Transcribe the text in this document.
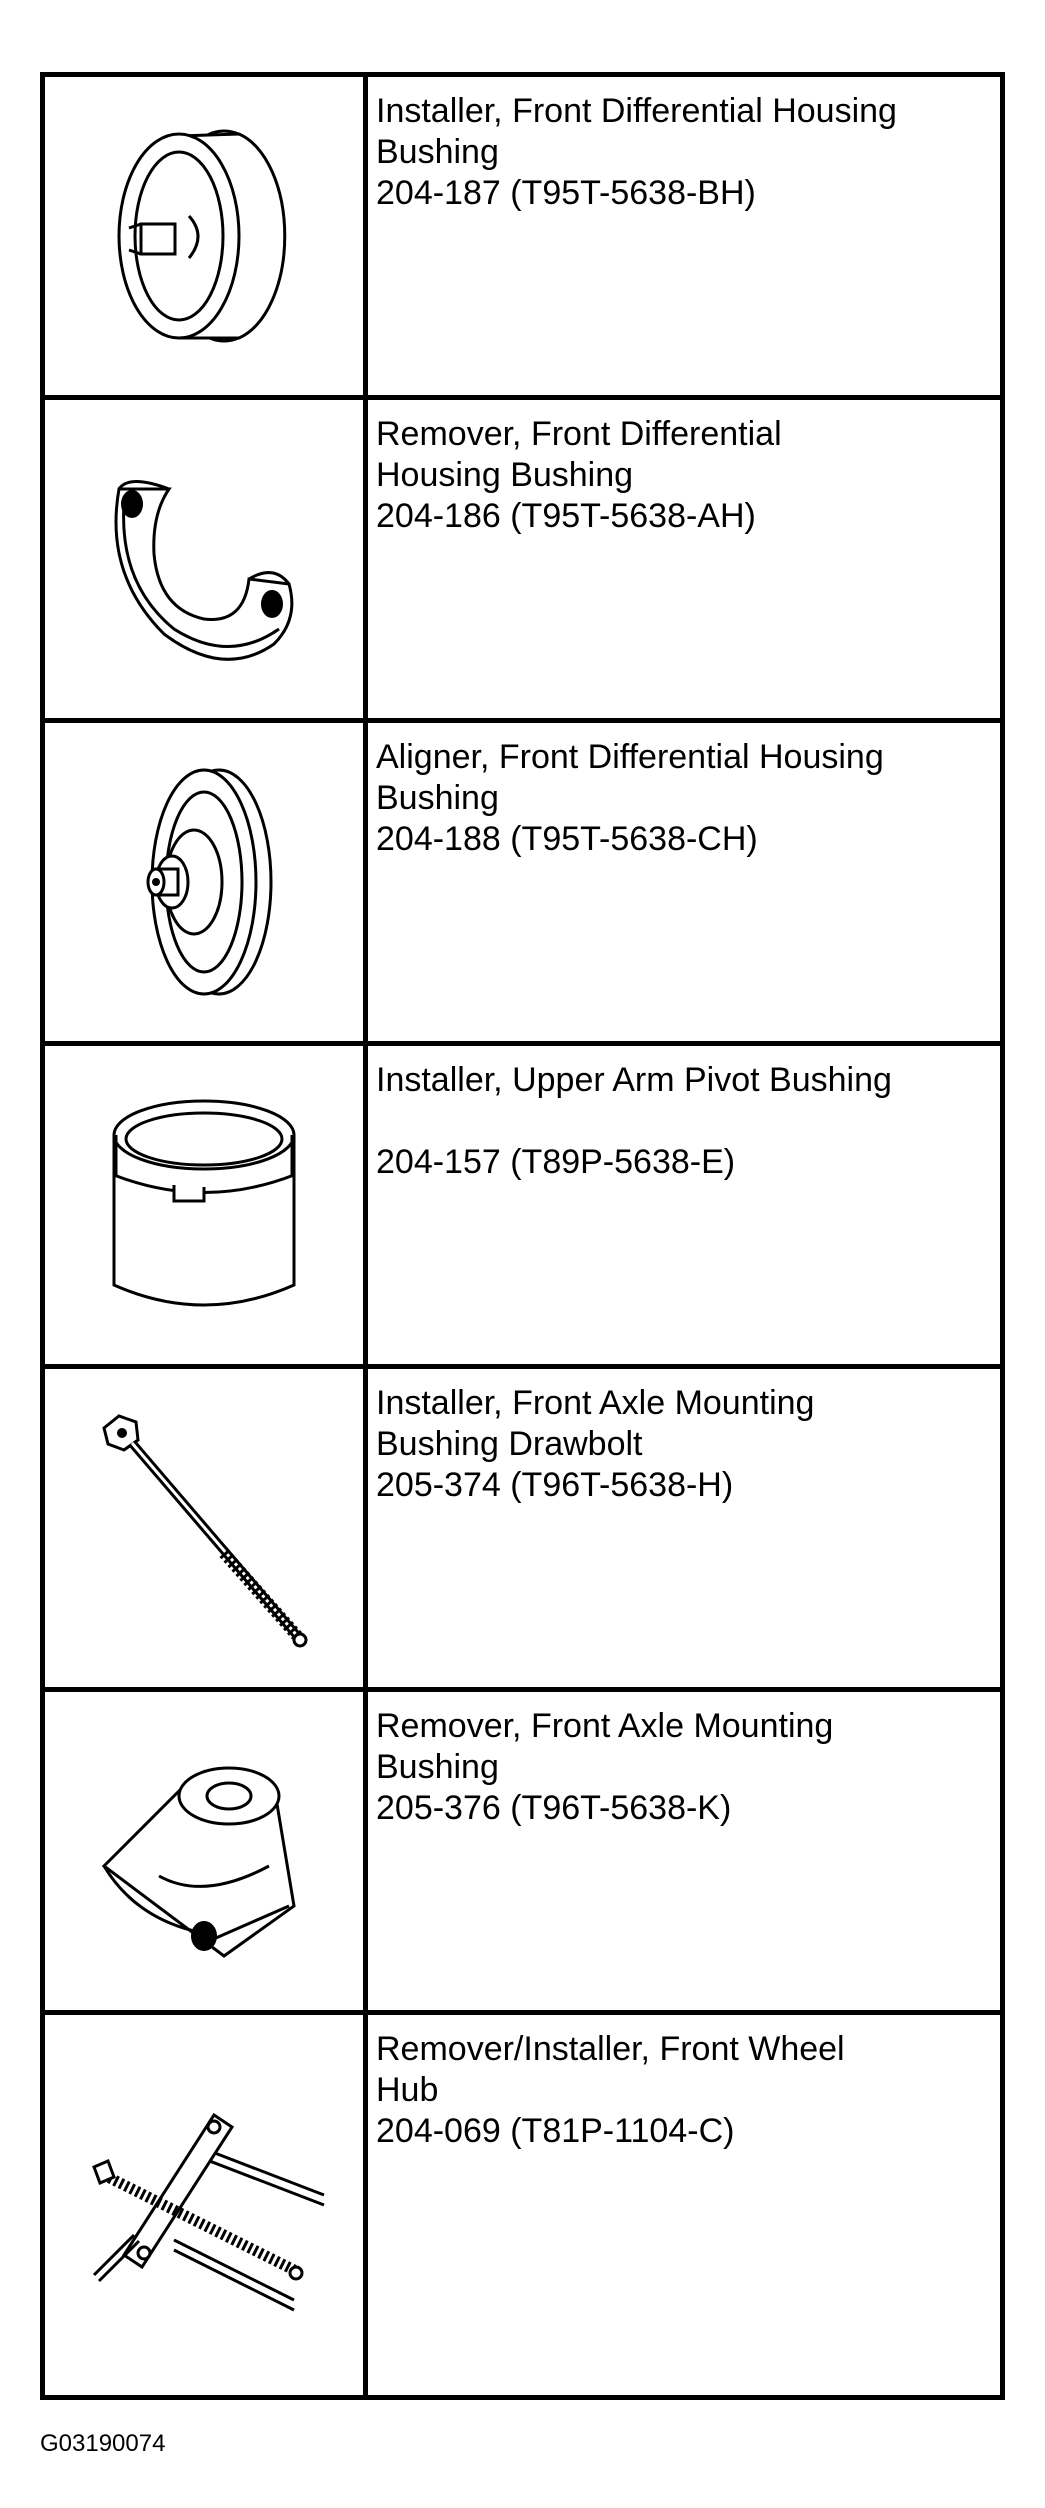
Installer, Front Differential Housing
Bushing
204-187 (T95T-5638-BH)

Remover, Front Differential
Housing Bushing
204-186 (T95T-5638-AH)

Aligner, Front Differential Housing
Bushing
204-188 (T95T-5638-CH)

Installer, Upper Arm Pivot Bushing
204-157 (T89P-5638-E)

Installer, Front Axle Mounting
Bushing Drawbolt
205-374 (T96T-5638-H)

Remover, Front Axle Mounting
Bushing
205-376 (T96T-5638-K)

Remover/Installer, Front Wheel
Hub
204-069 (T81P-1104-C)
G03190074
